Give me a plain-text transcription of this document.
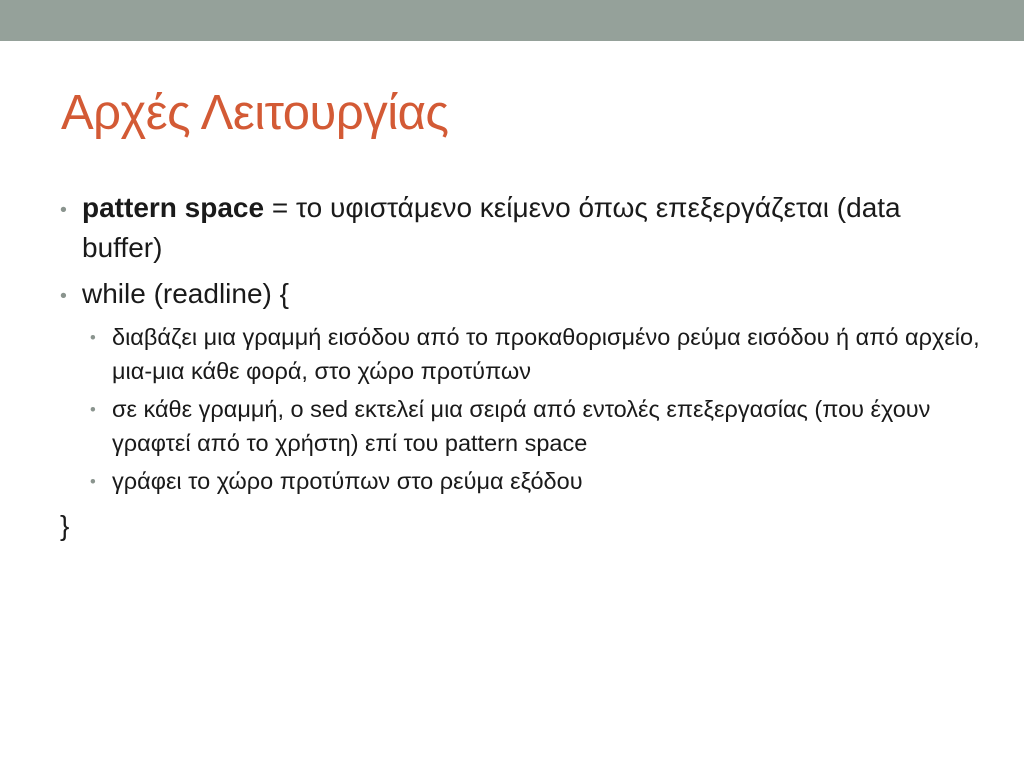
Αρχές Λειτουργίας

• pattern space = το υφιστάμενο κείμενο όπως επεξεργάζεται (data buffer)

• while (readline) {

• διαβάζει μια γραμμή εισόδου από το προκαθορισμένο ρεύμα εισόδου ή από αρχείο, μια-μια κάθε φορά, στο χώρο προτύπων

• σε κάθε γραμμή, ο sed εκτελεί μια σειρά από εντολές επεξεργασίας (που έχουν γραφτεί από το χρήστη) επί του pattern space

• γράφει το χώρο προτύπων στο ρεύμα εξόδου

}
